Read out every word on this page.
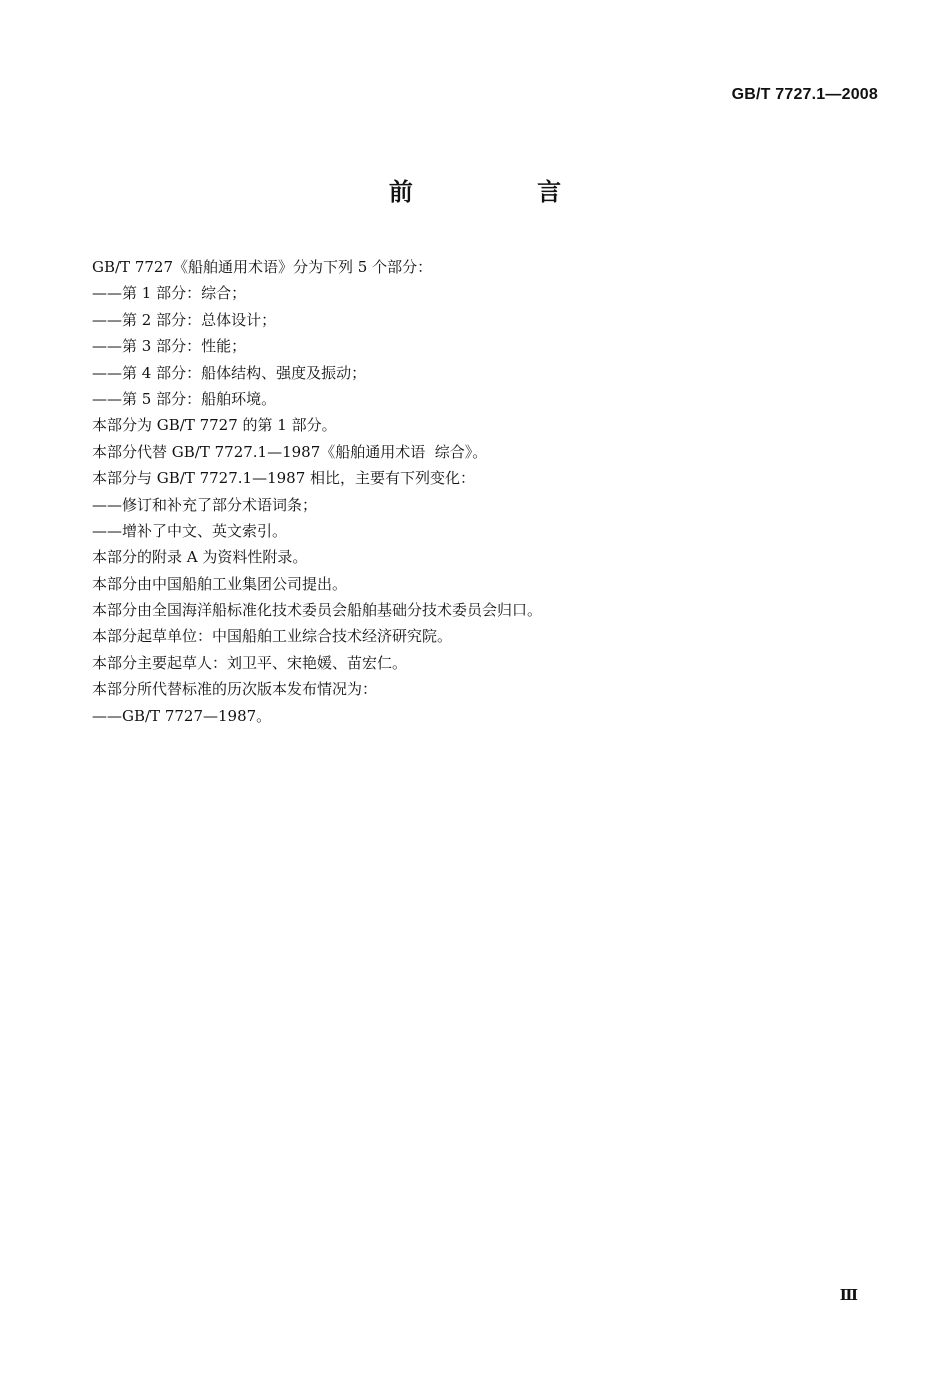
GB/T 7727.1—2008
前 言
GB/T 7727《船舶通用术语》分为下列 5 个部分：
——第 1 部分：综合；
——第 2 部分：总体设计；
——第 3 部分：性能；
——第 4 部分：船体结构、强度及振动；
——第 5 部分：船舶环境。
本部分为 GB/T 7727 的第 1 部分。
本部分代替 GB/T 7727.1—1987《船舶通用术语  综合》。
本部分与 GB/T 7727.1—1987 相比，主要有下列变化：
——修订和补充了部分术语词条；
——增补了中文、英文索引。
本部分的附录 A 为资料性附录。
本部分由中国船舶工业集团公司提出。
本部分由全国海洋船标准化技术委员会船舶基础分技术委员会归口。
本部分起草单位：中国船舶工业综合技术经济研究院。
本部分主要起草人：刘卫平、宋艳媛、苗宏仁。
本部分所代替标准的历次版本发布情况为：
——GB/T 7727—1987。
Ⅲ
